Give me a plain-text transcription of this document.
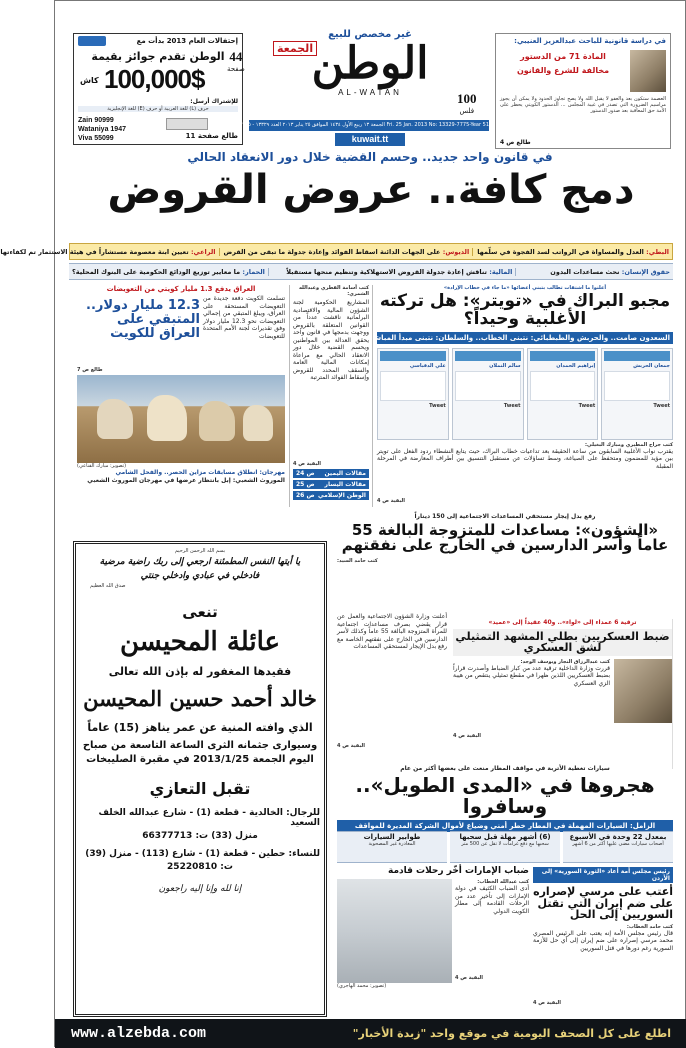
إحتفالات العام 2013 بدأت مع
الوطن تقدم جوائز بقيمة
100,000$
كاش
للإشتراك أرسل:
حرف (L) للغة العربية أو حرف (E) للغة الإنجليزية
Zain 90999
Wataniya 1947
Viva 55099	طالع صفحة 11
44
صفحة
غير مخصص للبيع
الجمعة
الوطن
AL-WATAN	100
فلس
Fri. 25 Jan. 2013 No: 13329-7775-Year 51 الجمعة ١٣ ربيع الأول ١٤٣٤ الموافق ٢٥ يناير ٢٠١٣ العدد ١٣٣٢٩ - ٧٧٧٥ - السنة ٥١
kuwait.tt
في دراسة قانونية للباحث عبدالعزيز العنيبي:
المادة 71 من الدستور
مخالفة للشرع والقانون
العصمة ستكون بعد والعفو لا يقبل الله ولا يصح تجاوز الحدود ولا يمكن أن يجوز مراسيم الضرورة التي تصدر في غيبة المجلس ... الدستور الكويتي يحظر على الأمة حق المعاقبة بعد صدور الدستور
طالع ص 4
في قانون واحد جديد.. وحسم القضية خلال دور الانعقاد الحالي
دمج كافة.. عروض القروض
البطي: العدل والمساواة في الرواتب لسد الفجوة في سلّمها
الديوس: على الجهات الدائنة اسقاط الفوائد وإعادة جدولة ما تبقى من القرض
الراعي: تعيين ابنة معصومة مستشاراً في هيئة الاستثمار تم لكفاءتها
حقوق الإنسان: نحث مساعدات البدون
المالية: تناقش إعادة جدولة القروض الاستهلاكية وتنظيم منحها مستقبلاً
الحمار: ما معايير توزيع الودائع الحكومية على البنوك المحلية؟
أعلنوا ما اشتقات تطالب بتبني أعضائها «ما جاء في خطاب الإرادة»
مجبو البراك في «تويتر»: هل تركته الأغلبية وحيداً؟
السعدون صامت.. والحربش والطبطبائي: نتبنى الخطاب.. والسلطان: نتبنى مبدأ المباشرة فيه
جمعان الحربش
Tweet
إبراهيم الحمدان
Tweet
سالم النملان
Tweet
علي الدقباسي
Tweet
كتب جراح المطيري ومبارك البغيلي:
يقترب نواب الأغلبية السابقون من ساعة الحقيقة بعد تداعيات خطاب البراك، حيث يتابع النشطاء ردود الفعل على تويتر بين مؤيد للمضمون ومتحفظ على الصياغة، وسط تساؤلات عن مستقبل التنسيق بين أطراف المعارضة في المرحلة المقبلة
البقية ص 4
كتب أسامة القطري وعبدالله الشمري:
المشاريع الحكومية لجنة الشؤون المالية والاقتصادية البرلمانية ناقشت عدداً من القوانين المتعلقة بالقروض ووجهت بدمجها في قانون واحد يحقق العدالة بين المواطنين ويحسم القضية خلال دور الانعقاد الحالي مع مراعاة إمكانات المالية العامة والسقف المحدد للقروض وإسقاط الفوائد المترتبة
البقية ص 4
مقالات اليمين
ص 24
مقالات اليسار
ص 25
الوطن الإسلامي
ص 26
العراق يدفع 1.3 مليار كويتي من التعويضات
تسلمت الكويت دفعة جديدة من التعويضات المستحقة على العراق، ويبلغ المتبقي من إجمالي التعويضات نحو 12.3 مليار دولار وفق تقديرات لجنة الأمم المتحدة للتعويضات
12.3 مليار دولار.. المتبقي على العراق للكويت
طالع ص 7
(تصوير: مبارك القناعي)
مهرجان: انطلاق مسابقات مزاين الحصر.. والفحل الشامي
الموروث الشعبي: إبل بانتظار عرضها في مهرجان الموروث الشعبي
بسم الله الرحمن الرحيم
يا أيتها النفس المطمئنة ارجعي إلى ربك راضية مرضية فادخلي في عبادي وادخلي جنتي
صدق الله العظيم
تنعى
عائلة المحيسن
فقيدها المغفور له بإذن الله تعالى
خالد أحمد حسين المحيسن
الذي وافته المنية عن عمر يناهز (15) عاماً
وسيوارى جثمانه الثرى الساعة التاسعة من صباح
اليوم الجمعة 2013/1/25 في مقبرة الصليبخات
تقبل التعازي
للرجال: الخالدية - قطعة (1) - شارع عبدالله الخلف السعيد
منزل (33) ت: 66377713
للنساء: حطين - قطعة (1) - شارع (113) - منزل (39)
ت: 25220810
إنا لله وإنا إليه راجعون
رفع بدل إيجار مستحقي المساعدات الاجتماعية إلى 150 ديناراً
«الشؤون»: مساعدات للمتزوجة البالغة 55 عاماً وأسر الدارسين في الخارج على نفقتهم
كتب حامد السيد:
أعلنت وزارة الشؤون الاجتماعية والعمل عن قرار يقضي بصرف مساعدات اجتماعية للمرأة المتزوجة البالغة 55 عاماً وكذلك لأسر الدارسين في الخارج على نفقتهم الخاصة مع رفع بدل الإيجار لمستحقي المساعدات
البقية ص 4
ترقية 6 عمداء إلى «لواء».. و40 عقيداً إلى «عميد»
ضبط العسكريين بطلي المشهد التمثيلي لشق العسكري
كتب عبدالرزاق النجار ويوسف الوجد:
قررت وزارة الداخلية ترقية عدد من كبار الضباط وأصدرت قراراً بضبط العسكريين اللذين ظهرا في مقطع تمثيلي ينتقص من هيبة الزي العسكري
البقية ص 4
سيارات تغطية الأتربة في مواقف المطار منعت على بعضها أكثر من عام
هجروها في «المدى الطويل».. وسافروا
الزامل: السيارات المهملة في المطار خطر أمني وضياع لأموال الشركة المديرة للمواقف
بمعدل 22 وحدة في الأسبوع
أصحاب سيارات مضى عليها أكثر من 6 أشهر
(6) أشهر مهلة قبل سحبها
سحبها مع دفع غرامات لا تقل عن 500 متر
طوابير السيارات
المغادرة غير المصحوبة
رئيس مجلس أمة أعاد «الثورة السورية» إلى الأردن
أعتب على مرسي لإصراره على ضم إيران التي تقتل السوريين إلى الحل
كتب حامد الخطاب:
قال رئيس مجلس الأمة إنه يعتب على الرئيس المصري محمد مرسي إصراره على ضم إيران إلى أي حل للأزمة السورية رغم دورها في قتل السوريين
البقية ص 4
ضباب الإمارات أخّر رحلات قادمة
كتب عبدالله الخطاب:
أدى الضباب الكثيف في دولة الإمارات إلى تأخير عدد من الرحلات القادمة إلى مطار الكويت الدولي
البقية ص 4
(تصوير: محمد الهاجري)
اطلع على كل الصحف اليومية في موقع واحد "زبدة الأخبار"
www.alzebda.com
